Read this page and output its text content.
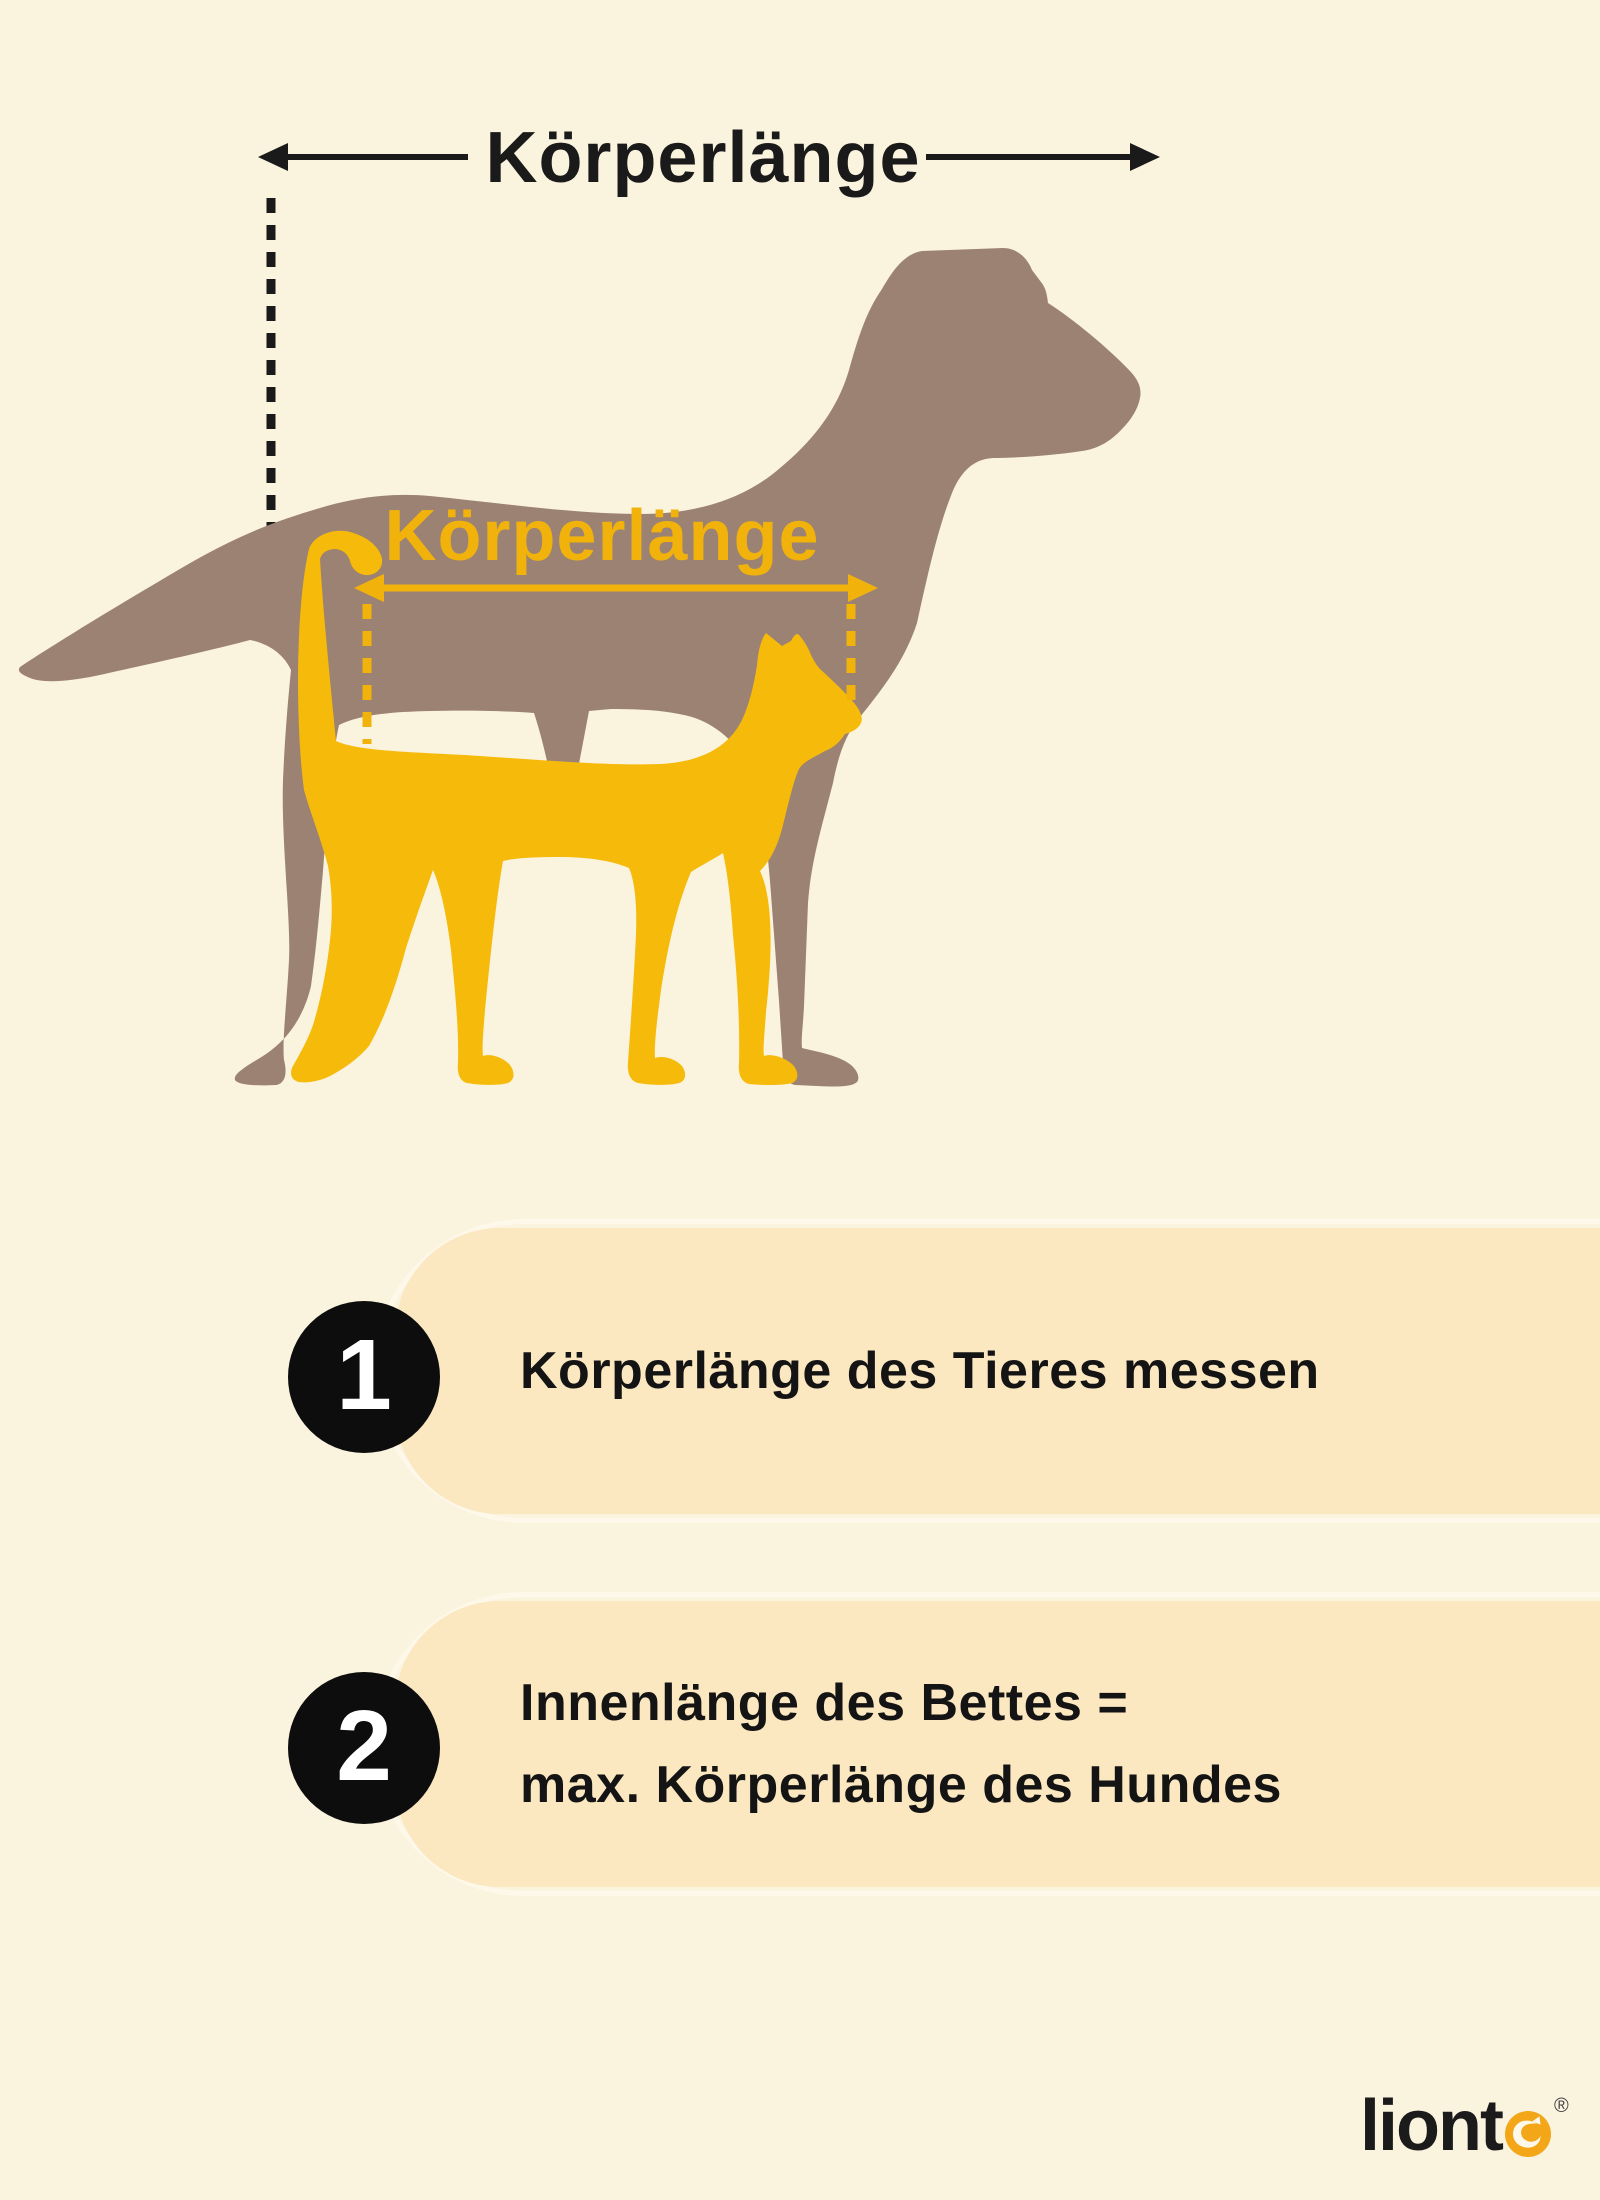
Körperlänge
Körperlänge
1 Körperlänge des Tieres messen
2 Innenlänge des Bettes =
max. Körperlänge des Hundes
liont	®
